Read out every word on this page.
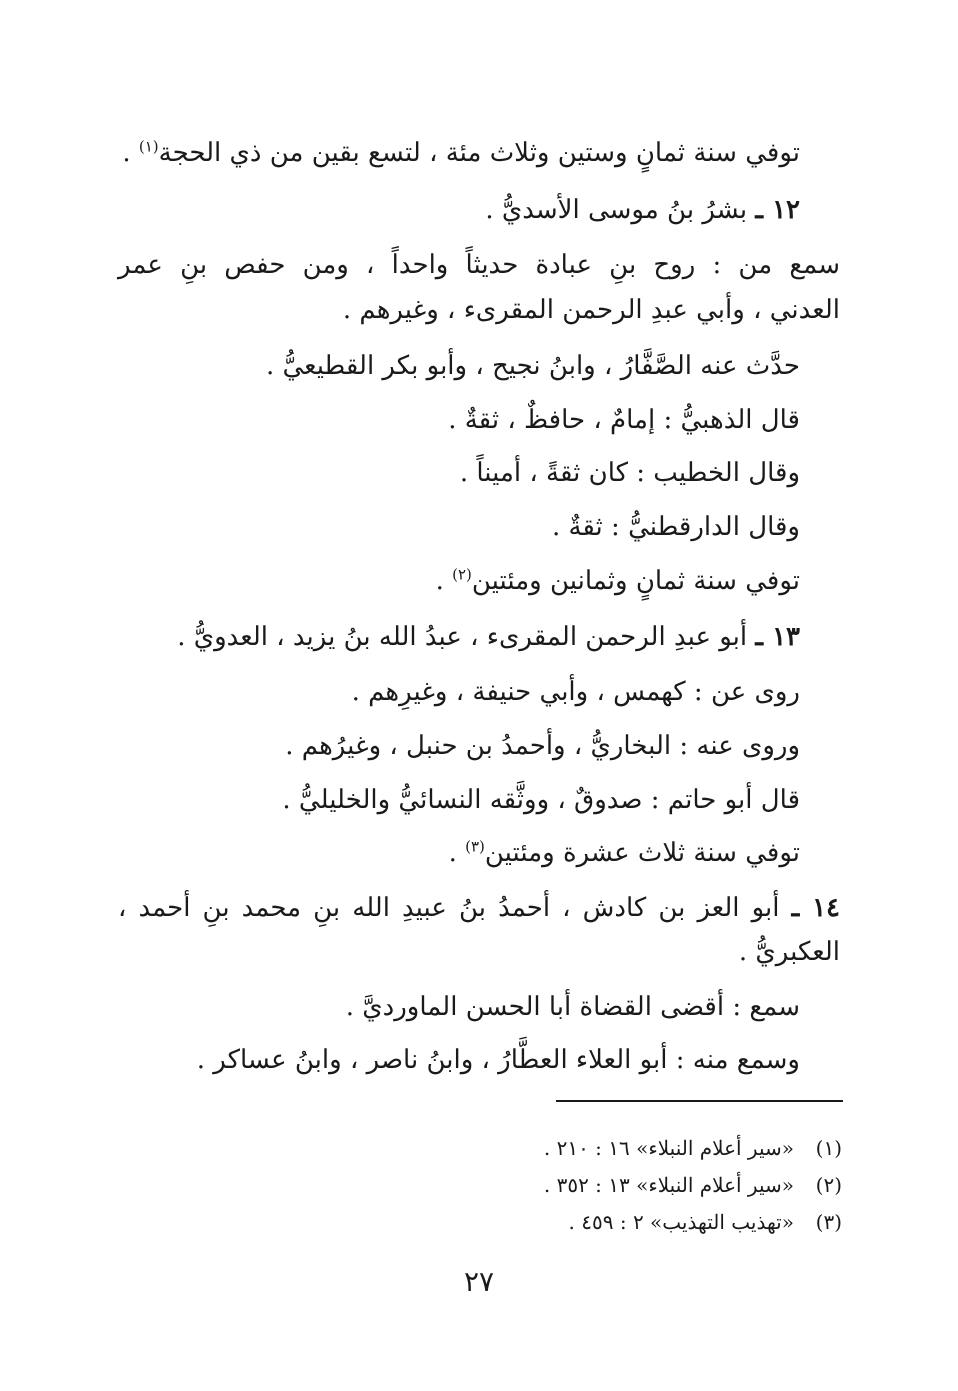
توفي سنة ثمانٍ وستين وثلاث مئة ، لتسع بقين من ذي الحجة$^{(١)}$ .
١٢ ـ بشرُ بنُ موسى الأسديُّ .
سمع من : روح بنِ عبادة حديثاً واحداً ، ومن حفص بنِ عمر
العدني ، وأبي عبدِ الرحمن المقرىء ، وغيرهم .
حدَّث عنه الصَّفَّارُ ، وابنُ نجيح ، وأبو بكر القطيعيُّ .
قال الذهبيُّ : إمامٌ ، حافظٌ ، ثقةٌ .
وقال الخطيب : كان ثقةً ، أميناً .
وقال الدارقطنيُّ : ثقةٌ .
توفي سنة ثمانٍ وثمانين ومئتين$^{(٢)}$ .
١٣ ـ أبو عبدِ الرحمن المقرىء ، عبدُ الله بنُ يزيد ، العدويُّ .
روى عن : كهمس ، وأبي حنيفة ، وغيرِهم .
وروى عنه : البخاريُّ ، وأحمدُ بن حنبل ، وغيرُهم .
قال أبو حاتم : صدوقٌ ، ووثَّقه النسائيُّ والخليليُّ .
توفي سنة ثلاث عشرة ومئتين$^{(٣)}$ .
١٤ ـ أبو العز بن كادش ، أحمدُ بنُ عبيدِ الله بنِ محمد بنِ أحمد ،
العكبريُّ .
سمع : أقضى القضاة أبا الحسن الماورديَّ .
وسمع منه : أبو العلاء العطَّارُ ، وابنُ ناصر ، وابنُ عساكر .
(١)«سير أعلام النبلاء» ١٦ : ٢١٠ .
(٢)«سير أعلام النبلاء» ١٣ : ٣٥٢ .
(٣)«تهذيب التهذيب» ٢ : ٤٥٩ .
٢٧
